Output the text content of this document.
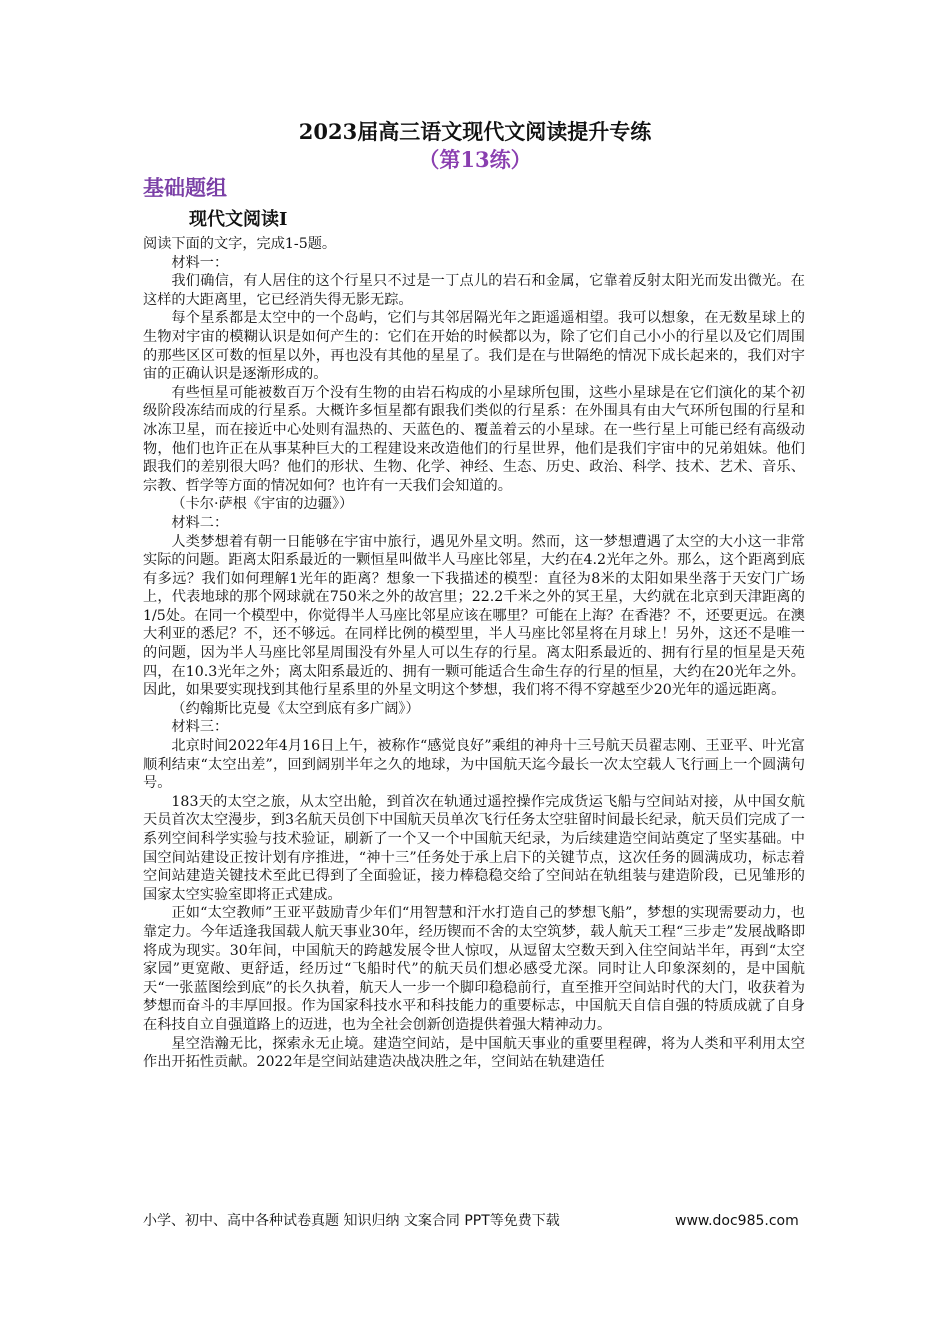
2023届高三语文现代文阅读提升专练
（第13练）
基础题组
现代文阅读Ⅰ

阅读下面的文字，完成1-5题。

材料一：

我们确信，有人居住的这个行星只不过是一丁点儿的岩石和金属，它靠着反射太阳光而发出微光。在这样的大距离里，它已经消失得无影无踪。

每个星系都是太空中的一个岛屿，它们与其邻居隔光年之距遥遥相望。我可以想象，在无数星球上的生物对宇宙的模糊认识是如何产生的：它们在开始的时候都以为，除了它们自己小小的行星以及它们周围的那些区区可数的恒星以外，再也没有其他的星星了。我们是在与世隔绝的情况下成长起来的，我们对宇宙的正确认识是逐渐形成的。

有些恒星可能被数百万个没有生物的由岩石构成的小星球所包围，这些小星球是在它们演化的某个初级阶段冻结而成的行星系。大概许多恒星都有跟我们类似的行星系：在外围具有由大气环所包围的行星和冰冻卫星，而在接近中心处则有温热的、天蓝色的、覆盖着云的小星球。在一些行星上可能已经有高级动物，他们也许正在从事某种巨大的工程建设来改造他们的行星世界，他们是我们宇宙中的兄弟姐妹。他们跟我们的差别很大吗？他们的形状、生物、化学、神经、生态、历史、政治、科学、技术、艺术、音乐、宗教、哲学等方面的情况如何？也许有一天我们会知道的。

（卡尔·萨根《宇宙的边疆》）

材料二：

人类梦想着有朝一日能够在宇宙中旅行，遇见外星文明。然而，这一梦想遭遇了太空的大小这一非常实际的问题。距离太阳系最近的一颗恒星叫做半人马座比邻星，大约在4.2光年之外。那么，这个距离到底有多远？我们如何理解1光年的距离？想象一下我描述的模型：直径为8米的太阳如果坐落于天安门广场上，代表地球的那个网球就在750米之外的故宫里；22.2千米之外的冥王星，大约就在北京到天津距离的1/5处。在同一个模型中，你觉得半人马座比邻星应该在哪里？可能在上海？在香港？不，还要更远。在澳大利亚的悉尼？不，还不够远。在同样比例的模型里，半人马座比邻星将在月球上！另外，这还不是唯一的问题，因为半人马座比邻星周围没有外星人可以生存的行星。离太阳系最近的、拥有行星的恒星是天苑四，在10.3光年之外；离太阳系最近的、拥有一颗可能适合生命生存的行星的恒星，大约在20光年之外。因此，如果要实现找到其他行星系里的外星文明这个梦想，我们将不得不穿越至少20光年的遥远距离。

（约翰斯比克曼《太空到底有多广阔》）

材料三：

北京时间2022年4月16日上午，被称作“感觉良好”乘组的神舟十三号航天员翟志刚、王亚平、叶光富顺利结束“太空出差”，回到阔别半年之久的地球，为中国航天迄今最长一次太空载人飞行画上一个圆满句号。

183天的太空之旅，从太空出舱，到首次在轨通过遥控操作完成货运飞船与空间站对接，从中国女航天员首次太空漫步，到3名航天员创下中国航天员单次飞行任务太空驻留时间最长纪录，航天员们完成了一系列空间科学实验与技术验证，刷新了一个又一个中国航天纪录，为后续建造空间站奠定了坚实基础。中国空间站建设正按计划有序推进，“神十三”任务处于承上启下的关键节点，这次任务的圆满成功，标志着空间站建造关键技术至此已得到了全面验证，接力棒稳稳交给了空间站在轨组装与建造阶段，已见雏形的国家太空实验室即将正式建成。

正如“太空教师”王亚平鼓励青少年们“用智慧和汗水打造自己的梦想飞船”，梦想的实现需要动力，也靠定力。今年适逢我国载人航天事业30年，经历锲而不舍的太空筑梦，载人航天工程“三步走”发展战略即将成为现实。30年间，中国航天的跨越发展令世人惊叹，从逗留太空数天到入住空间站半年，再到“太空家园”更宽敞、更舒适，经历过“飞船时代”的航天员们想必感受尤深。同时让人印象深刻的，是中国航天“一张蓝图绘到底”的长久执着，航天人一步一个脚印稳稳前行，直至推开空间站时代的大门，收获着为梦想而奋斗的丰厚回报。作为国家科技水平和科技能力的重要标志，中国航天自信自强的特质成就了自身在科技自立自强道路上的迈进，也为全社会创新创造提供着强大精神动力。

星空浩瀚无比，探索永无止境。建造空间站，是中国航天事业的重要里程碑，将为人类和平利用太空作出开拓性贡献。2022年是空间站建造决战决胜之年，空间站在轨建造任

小学、初中、高中各种试卷真题 知识归纳 文案合同 PPT等免费下载	www.doc985.com
